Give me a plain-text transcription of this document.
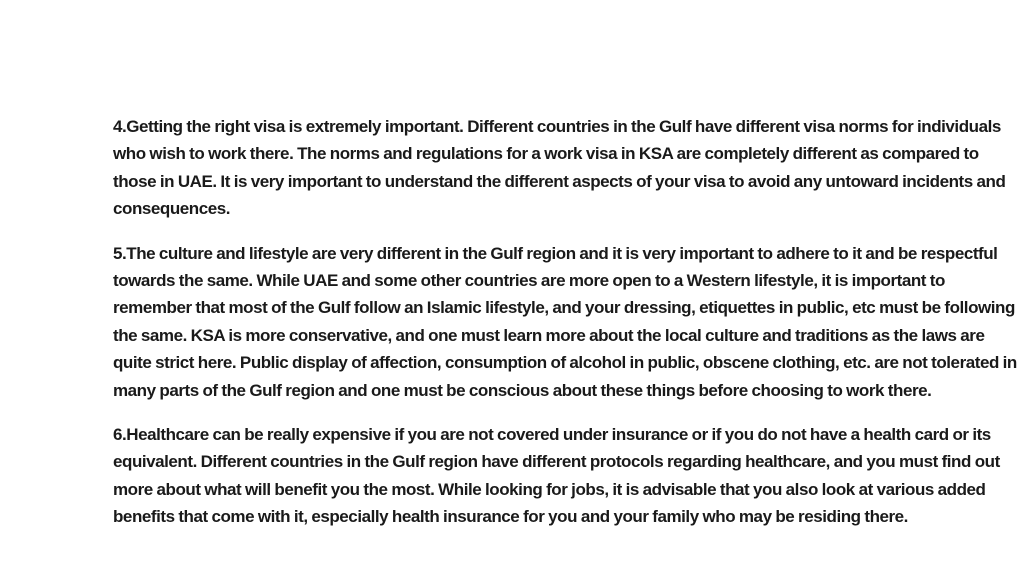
4.Getting the right visa is extremely important. Different countries in the Gulf have different visa norms for individuals who wish to work there. The norms and regulations for a work visa in KSA are completely different as compared to those in UAE. It is very important to understand the different aspects of your visa to avoid any untoward incidents and consequences.

5.The culture and lifestyle are very different in the Gulf region and it is very important to adhere to it and be respectful towards the same. While UAE and some other countries are more open to a Western lifestyle, it is important to remember that most of the Gulf follow an Islamic lifestyle, and your dressing, etiquettes in public, etc must be following the same. KSA is more conservative, and one must learn more about the local culture and traditions as the laws are quite strict here. Public display of affection, consumption of alcohol in public, obscene clothing, etc. are not tolerated in many parts of the Gulf region and one must be conscious about these things before choosing to work there.

6.Healthcare can be really expensive if you are not covered under insurance or if you do not have a health card or its equivalent. Different countries in the Gulf region have different protocols regarding healthcare, and you must find out more about what will benefit you the most. While looking for jobs, it is advisable that you also look at various added benefits that come with it, especially health insurance for you and your family who may be residing there.
